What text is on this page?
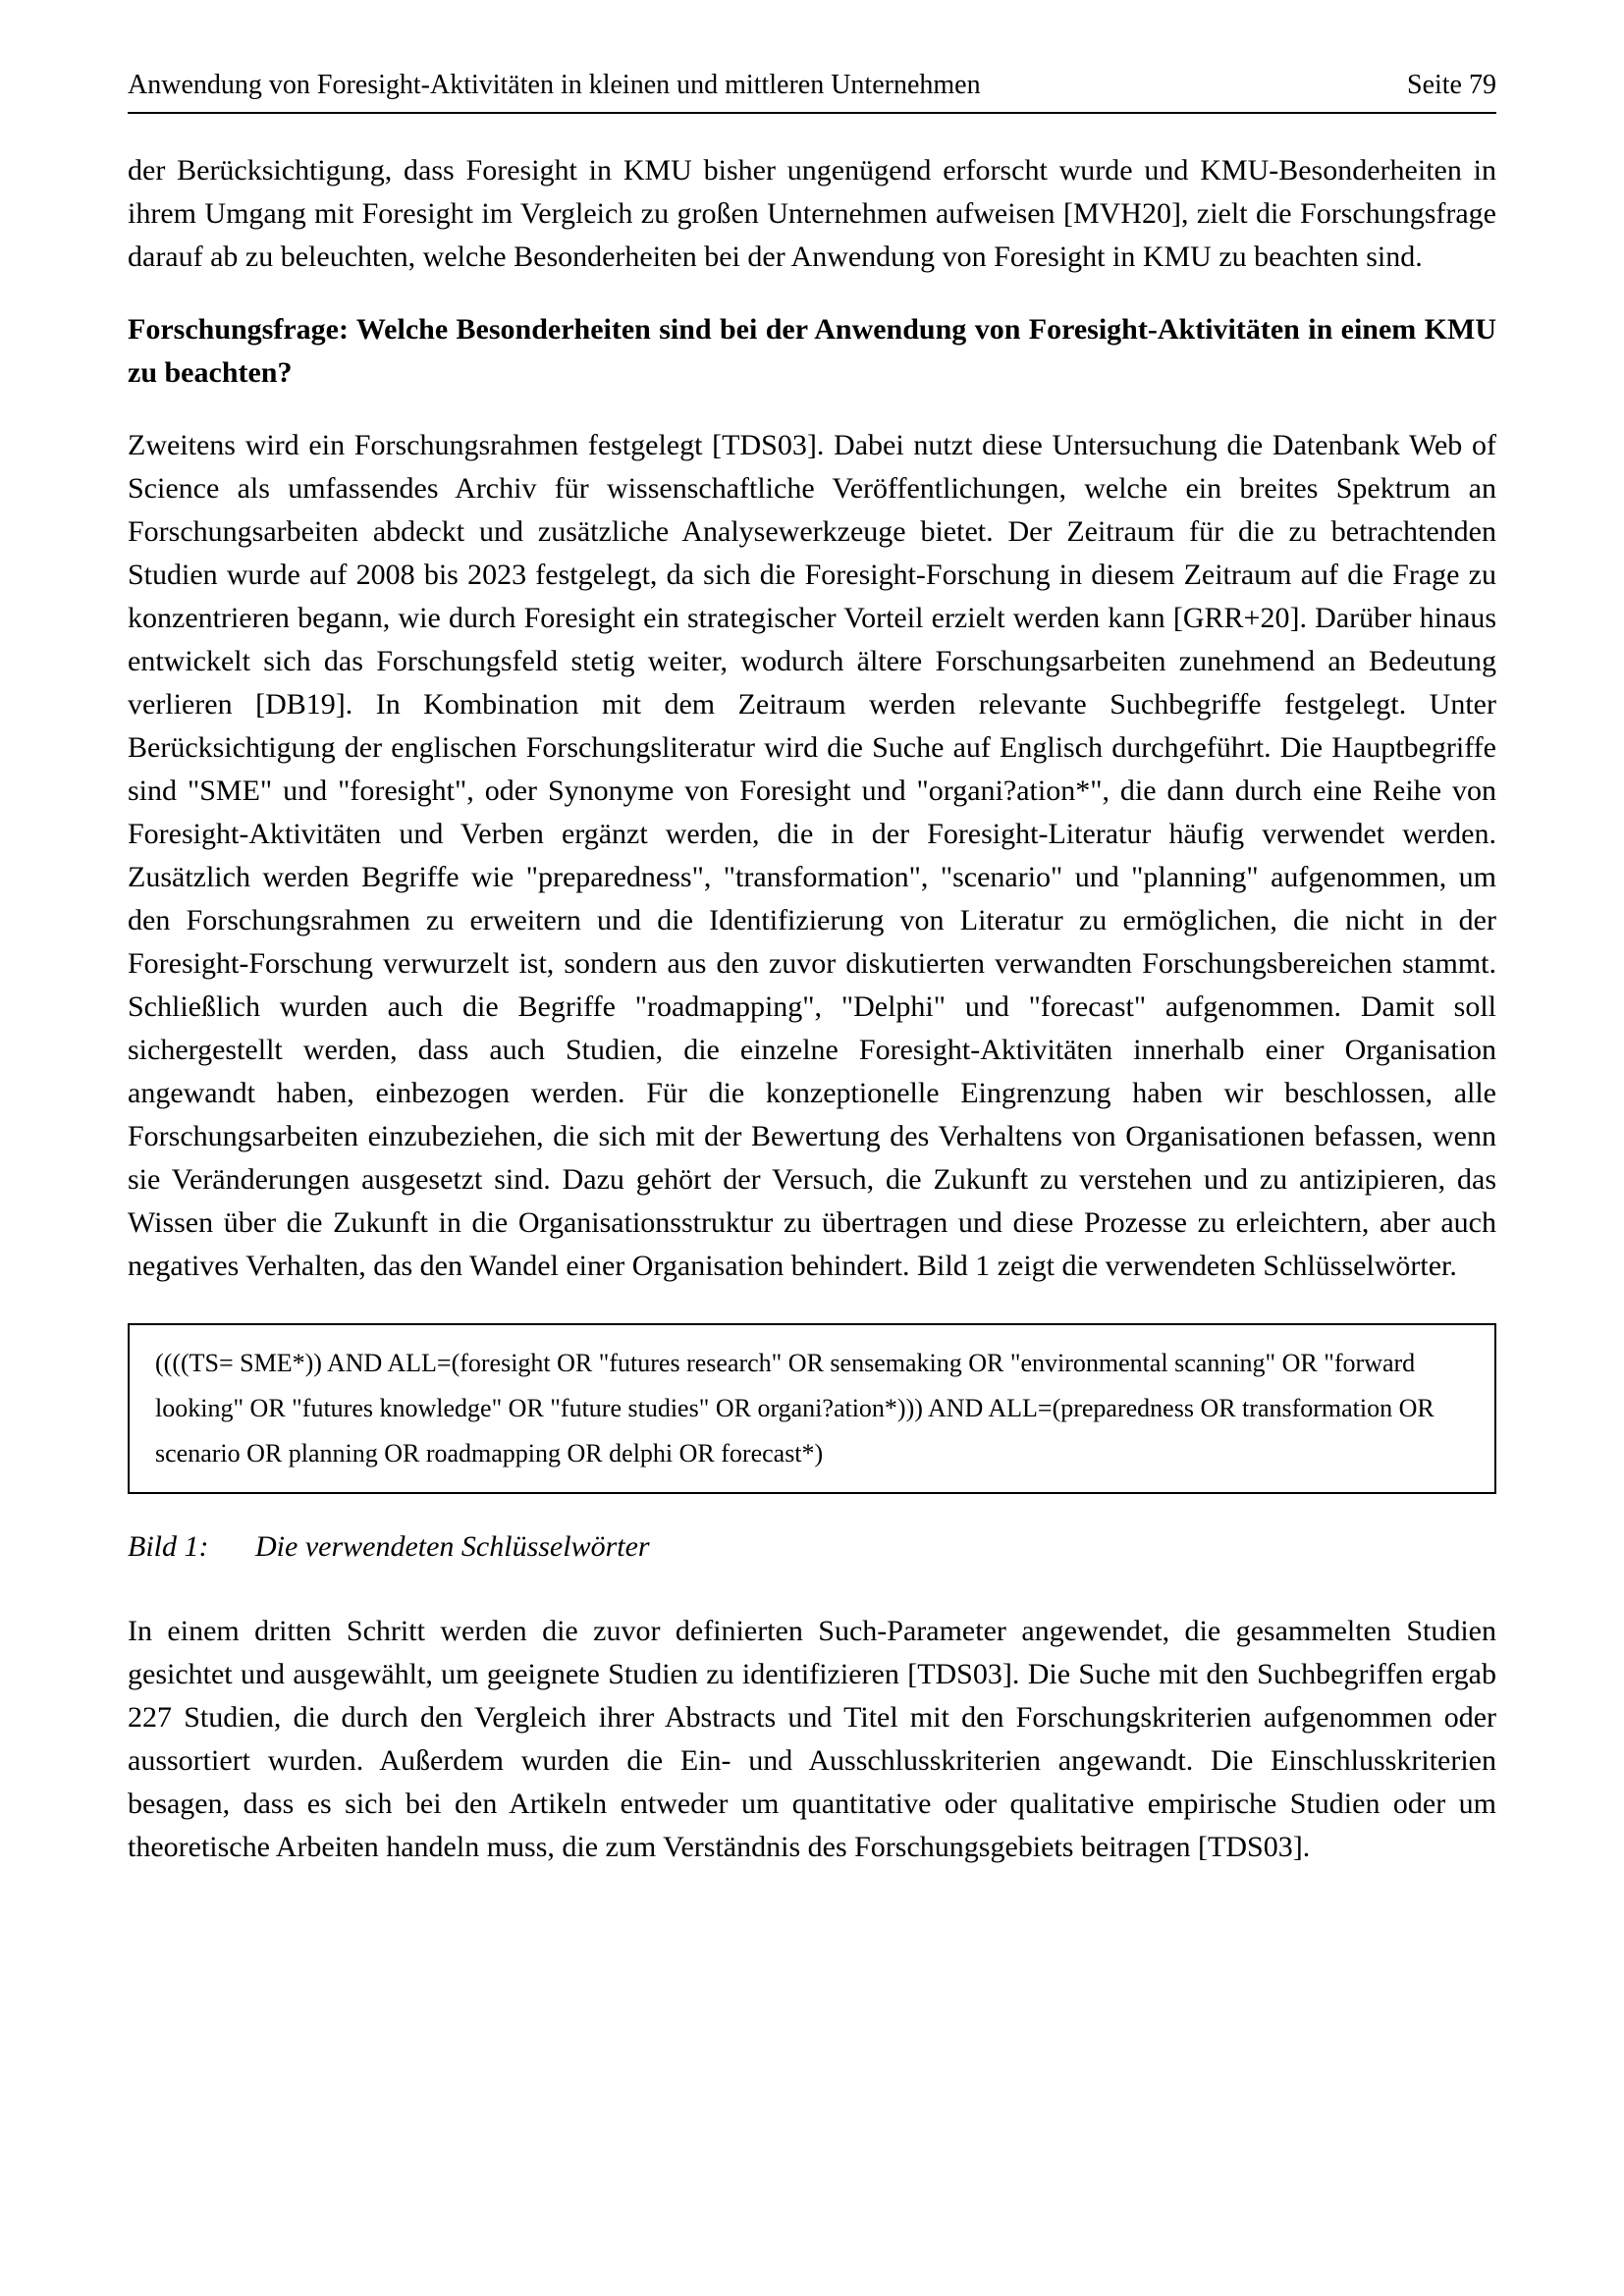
Anwendung von Foresight-Aktivitäten in kleinen und mittleren Unternehmen	Seite 79

der Berücksichtigung, dass Foresight in KMU bisher ungenügend erforscht wurde und KMU-Besonderheiten in ihrem Umgang mit Foresight im Vergleich zu großen Unternehmen aufweisen [MVH20], zielt die Forschungsfrage darauf ab zu beleuchten, welche Besonderheiten bei der Anwendung von Foresight in KMU zu beachten sind.

Forschungsfrage: Welche Besonderheiten sind bei der Anwendung von Foresight-Aktivitäten in einem KMU zu beachten?

Zweitens wird ein Forschungsrahmen festgelegt [TDS03]. Dabei nutzt diese Untersuchung die Datenbank Web of Science als umfassendes Archiv für wissenschaftliche Veröffentlichungen, welche ein breites Spektrum an Forschungsarbeiten abdeckt und zusätzliche Analysewerkzeuge bietet. Der Zeitraum für die zu betrachtenden Studien wurde auf 2008 bis 2023 festgelegt, da sich die Foresight-Forschung in diesem Zeitraum auf die Frage zu konzentrieren begann, wie durch Foresight ein strategischer Vorteil erzielt werden kann [GRR+20]. Darüber hinaus entwickelt sich das Forschungsfeld stetig weiter, wodurch ältere Forschungsarbeiten zunehmend an Bedeutung verlieren [DB19]. In Kombination mit dem Zeitraum werden relevante Suchbegriffe festgelegt. Unter Berücksichtigung der englischen Forschungsliteratur wird die Suche auf Englisch durchgeführt. Die Hauptbegriffe sind "SME" und "foresight", oder Synonyme von Foresight und "organi?ation*", die dann durch eine Reihe von Foresight-Aktivitäten und Verben ergänzt werden, die in der Foresight-Literatur häufig verwendet werden. Zusätzlich werden Begriffe wie "preparedness", "transformation", "scenario" und "planning" aufgenommen, um den Forschungsrahmen zu erweitern und die Identifizierung von Literatur zu ermöglichen, die nicht in der Foresight-Forschung verwurzelt ist, sondern aus den zuvor diskutierten verwandten Forschungsbereichen stammt. Schließlich wurden auch die Begriffe "roadmapping", "Delphi" und "forecast" aufgenommen. Damit soll sichergestellt werden, dass auch Studien, die einzelne Foresight-Aktivitäten innerhalb einer Organisation angewandt haben, einbezogen werden. Für die konzeptionelle Eingrenzung haben wir beschlossen, alle Forschungsarbeiten einzubeziehen, die sich mit der Bewertung des Verhaltens von Organisationen befassen, wenn sie Veränderungen ausgesetzt sind. Dazu gehört der Versuch, die Zukunft zu verstehen und zu antizipieren, das Wissen über die Zukunft in die Organisationsstruktur zu übertragen und diese Prozesse zu erleichtern, aber auch negatives Verhalten, das den Wandel einer Organisation behindert. Bild 1 zeigt die verwendeten Schlüsselwörter.

((((TS= SME*)) AND ALL=(foresight OR "futures research" OR sensemaking OR "environmental scanning" OR "forward looking" OR "futures knowledge" OR "future studies" OR organi?ation*))) AND ALL=(preparedness OR transformation OR scenario OR planning OR roadmapping OR delphi OR forecast*)

Bild 1: Die verwendeten Schlüsselwörter

In einem dritten Schritt werden die zuvor definierten Such-Parameter angewendet, die gesammelten Studien gesichtet und ausgewählt, um geeignete Studien zu identifizieren [TDS03]. Die Suche mit den Suchbegriffen ergab 227 Studien, die durch den Vergleich ihrer Abstracts und Titel mit den Forschungskriterien aufgenommen oder aussortiert wurden. Außerdem wurden die Ein- und Ausschlusskriterien angewandt. Die Einschlusskriterien besagen, dass es sich bei den Artikeln entweder um quantitative oder qualitative empirische Studien oder um theoretische Arbeiten handeln muss, die zum Verständnis des Forschungsgebiets beitragen [TDS03].
